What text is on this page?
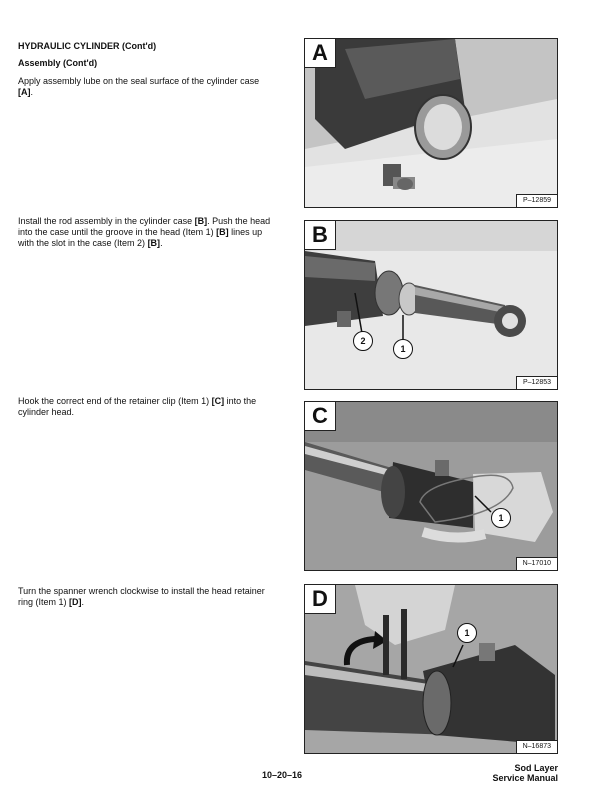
HYDRAULIC CYLINDER (Cont'd)
Assembly (Cont'd)
Apply assembly lube on the seal surface of the cylinder case [A].
Install the rod assembly in the cylinder case [B]. Push the head into the case until the groove in the head (Item 1) [B] lines up with the slot in the case (Item 2) [B].
Hook the correct end of the retainer clip (Item 1) [C] into the cylinder head.
Turn the spanner wrench clockwise to install the head retainer ring (Item 1) [D].
A
P–12859
2
1
B
P–12853
1
C
N–17010
1
D
N–16873
10–20–16
Sod Layer
Service Manual
